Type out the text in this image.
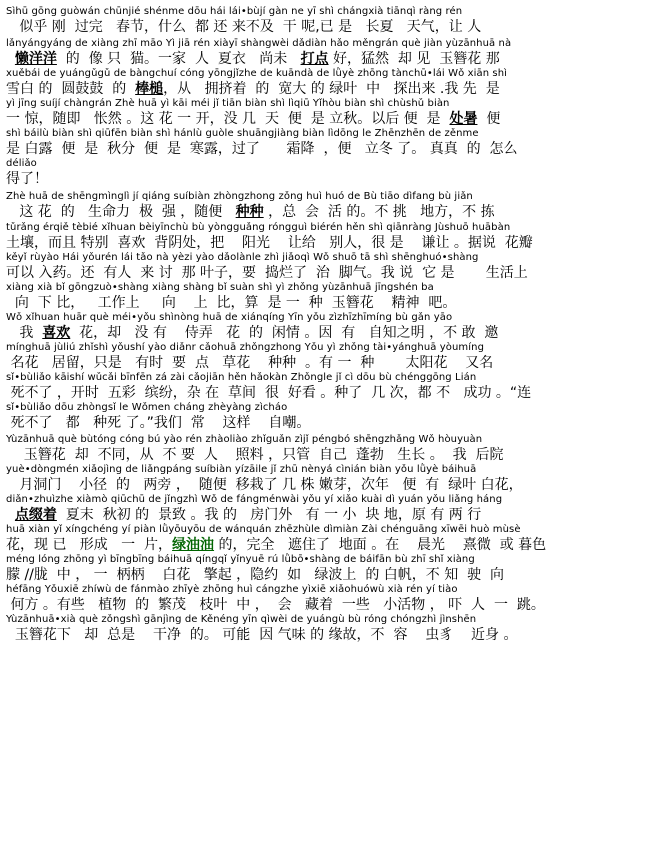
Sìhū gōng guòwán chūnjié shénme dōu hái lái•bùjí gàn ne yī shì chángxià tiānqì ràng rén
似乎 刚  过完   春节，什么  都 还 来不及  干 呢,已 是   长夏   天气，让 人
lǎnyángyáng de xiàng zhī māo Yì jiā rén xiàyī shàngwèi dǎdiàn hǎo měngrán què jiàn yùzānhuā nà
懒洋洋  的  像 只  猫。一家  人  夏衣   尚未   打点 好，猛然  却 见  玉簪花 那
xuěbái de yuángǔgǔ de bàngchuí cóng yōngjǐzhe de kuāndà de lǜyè zhōng tànchū•lái Wǒ xiān shì
雪白 的  圆鼓鼓  的  棒槌，从   拥挤着  的  宽大 的 绿叶  中   探出来 .我 先  是
yì jīng suíjí chàngrán Zhè huā yì kāi méi jǐ tiān biàn shì lìqiū Yǐhòu biàn shì chùshǔ biàn
一 惊，随即   怅然 。这 花 一 开，没 几  天  便  是 立秋。以后 便  是  处暑  便
shì báilù biàn shì qiūfēn biàn shì hánlù guòle shuāngjiàng biàn lìdōng le Zhēnzhēn de zěnme
是 白露  便  是  秋分  便  是  寒露，过了      霜降  ，便   立冬 了。 真真  的  怎么
déliǎo
得了！
Zhè huā de shēngmìnglì jí qiáng suíbiàn zhòngzhong zǒng huì huó de Bù tiāo dìfang bù jiǎn
这 花  的   生命力  极  强 ，随便   种种 ，总  会  活 的。不 挑   地方，不 拣
tǔrǎng érqiě tèbié xǐhuan bèiyīnchù bù yòngguǎng róngguì biérén hěn shì qiānràng Jùshuō huābàn
土壤，而且 特别  喜欢  背阴处，把    阳光    让给   别人，很 是    谦让 。据说  花瓣
kěyǐ rùyào Hái yǒurén lái tǎo nà yèzi yào dǎolànle zhì jiǎoqì Wǒ shuō tā shì shēnghuó•shàng
可以 入药。还  有人  来 讨  那 叶子，要  捣烂了  治  脚气。我 说  它 是       生活上
xiàng xià bǐ gōngzuò•shàng xiàng shàng bǐ suàn shì yì zhǒng yùzānhuā jīngshén ba
向  下 比，   工作上     向    上  比，算  是 一  种  玉簪花    精神  吧。
Wǒ xǐhuan huār què méi•yǒu shìnòng huā de xiánqíng Yīn yǒu zìzhīzhīmíng bù gǎn yāo
我  喜欢  花，却   没 有    侍弄   花  的  闲情 。因  有   自知之明 ，不 敢  邀
mínghuā jùliú zhǐshì yǒushí yào diǎnr cǎohuā zhǒngzhong Yǒu yì zhǒng tài•yánghuā yòumíng
名花   居留，只是   有时  要  点   草花    种种  。有 一  种       太阳花    又名
sǐ•bùliǎo kāishí wǔcǎi bīnfēn zá zài cǎojiān hěn hǎokàn Zhǒngle jǐ cì dōu bù chénggōng Lián
死不了 ，开时  五彩  缤纷，杂 在  草间  很  好看 。种了  几 次，都 不   成功 。“连
sǐ•bùliǎo dōu zhòngsǐ le Wǒmen cháng zhèyàng zìcháo
死不了   都   种死 了。”我们  常    这样    自嘲。
Yùzānhuā què bùtóng cóng bú yào rén zhàoliào zhǐguǎn zìjǐ péngbó shēngzhǎng Wǒ hòuyuàn
玉簪花  却  不同，从  不 要  人    照料 ，只管  自己  蓬勃   生长 。  我  后院
yuè•dòngmén xiǎojìng de liǎngpáng suíbiàn yízāile jǐ zhū nènyá cìnián biàn yǒu lǜyè báihuā
月洞门    小径  的   两旁 ，  随便  移栽了 几 株 嫩芽，次年   便  有  绿叶 白花，
diǎn•zhuìzhe xiàmò qiūchū de jǐngzhì Wǒ de fángménwài yǒu yí xiǎo kuài dì yuán yǒu liǎng háng
点缀着  夏末  秋初 的  景致 。我 的   房门外   有 一 小  块 地，原 有 两 行
huā xiàn yǐ xíngchéng yí piàn lǜyōuyōu de wánquán zhēzhùle dìmiàn Zài chénguāng xīwēi huò mùsè
花，现 已   形成   一  片，绿油油 的，完全   遮住了  地面 。在    晨光    熹微  或 暮色
méng lóng zhōng yì bīngbīng báihuā qíngqǐ yǐnyuē rú lǜbō•shàng de báifān bù zhī shǐ xiàng
朦 //胧  中 ， 一  柄柄    白花   擎起 ，隐约  如   绿波上  的 白帆，不 知  驶  向
héfāng Yǒuxiē zhíwù de fánmào zhīyè zhōng huì cángzhe yìxiē xiǎohuówù xià rén yí tiào
何方 。有些   植物  的  繁茂   枝叶  中 ，  会   藏着  一些   小活物 ， 吓  人  一  跳。
Yùzānhuā•xià què zǒngshì gānjìng de Kěnéng yīn qìwèi de yuángù bù róng chóngzhì jìnshēn
玉簪花下   却  总是    干净  的。 可能  因 气味 的 缘故，不  容    虫豸    近身 。
